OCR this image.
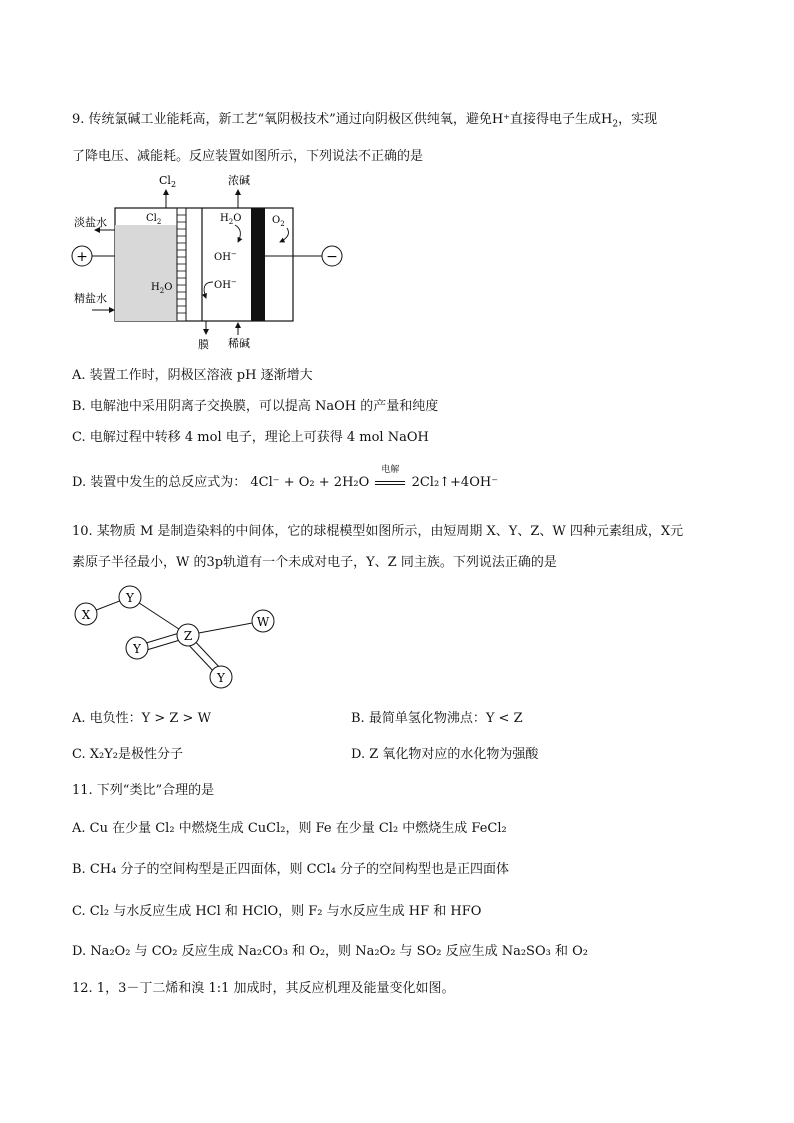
9. 传统氯碱工业能耗高，新工艺“氧阴极技术”通过向阴极区供纯氧，避免H⁺直接得电子生成$H_2$，实现
了降电压、减能耗。反应装置如图所示，下列说法不正确的是
+	−
$Cl_2$	浓碱
淡盐水
精盐水
$Cl_2$
$H_2O$
$H_2O$	$O_2$
OH−
OH−
膜 稀碱
A. 装置工作时，阴极区溶液 pH 逐渐增大
B. 电解池中采用阴离子交换膜，可以提高 NaOH 的产量和纯度
C. 电解过程中转移 4 mol 电子，理论上可获得 4 mol NaOH
D. 装置中发生的总反应式为： 4Cl⁻ + O₂ + 2H₂O
电解
2Cl₂↑+4OH⁻
10. 某物质 M 是制造染料的中间体，它的球棍模型如图所示，由短周期 X、Y、Z、W 四种元素组成，X元
素原子半径最小，W 的3p轨道有一个未成对电子，Y、Z 同主族。下列说法正确的是
X
Y
Z
W
Y
Y
A. 电负性：Y > Z > W	B. 最简单氢化物沸点：Y < Z
C. X₂Y₂是极性分子	D. Z 氧化物对应的水化物为强酸
11. 下列“类比”合理的是
A. Cu 在少量 Cl₂ 中燃烧生成 CuCl₂，则 Fe 在少量 Cl₂ 中燃烧生成 FeCl₂
B. CH₄ 分子的空间构型是正四面体，则 CCl₄ 分子的空间构型也是正四面体
C. Cl₂ 与水反应生成 HCl 和 HClO，则 F₂ 与水反应生成 HF 和 HFO
D. Na₂O₂ 与 CO₂ 反应生成 Na₂CO₃ 和 O₂，则 Na₂O₂ 与 SO₂ 反应生成 Na₂SO₃ 和 O₂
12. 1，3－丁二烯和溴 1:1 加成时，其反应机理及能量变化如图。
